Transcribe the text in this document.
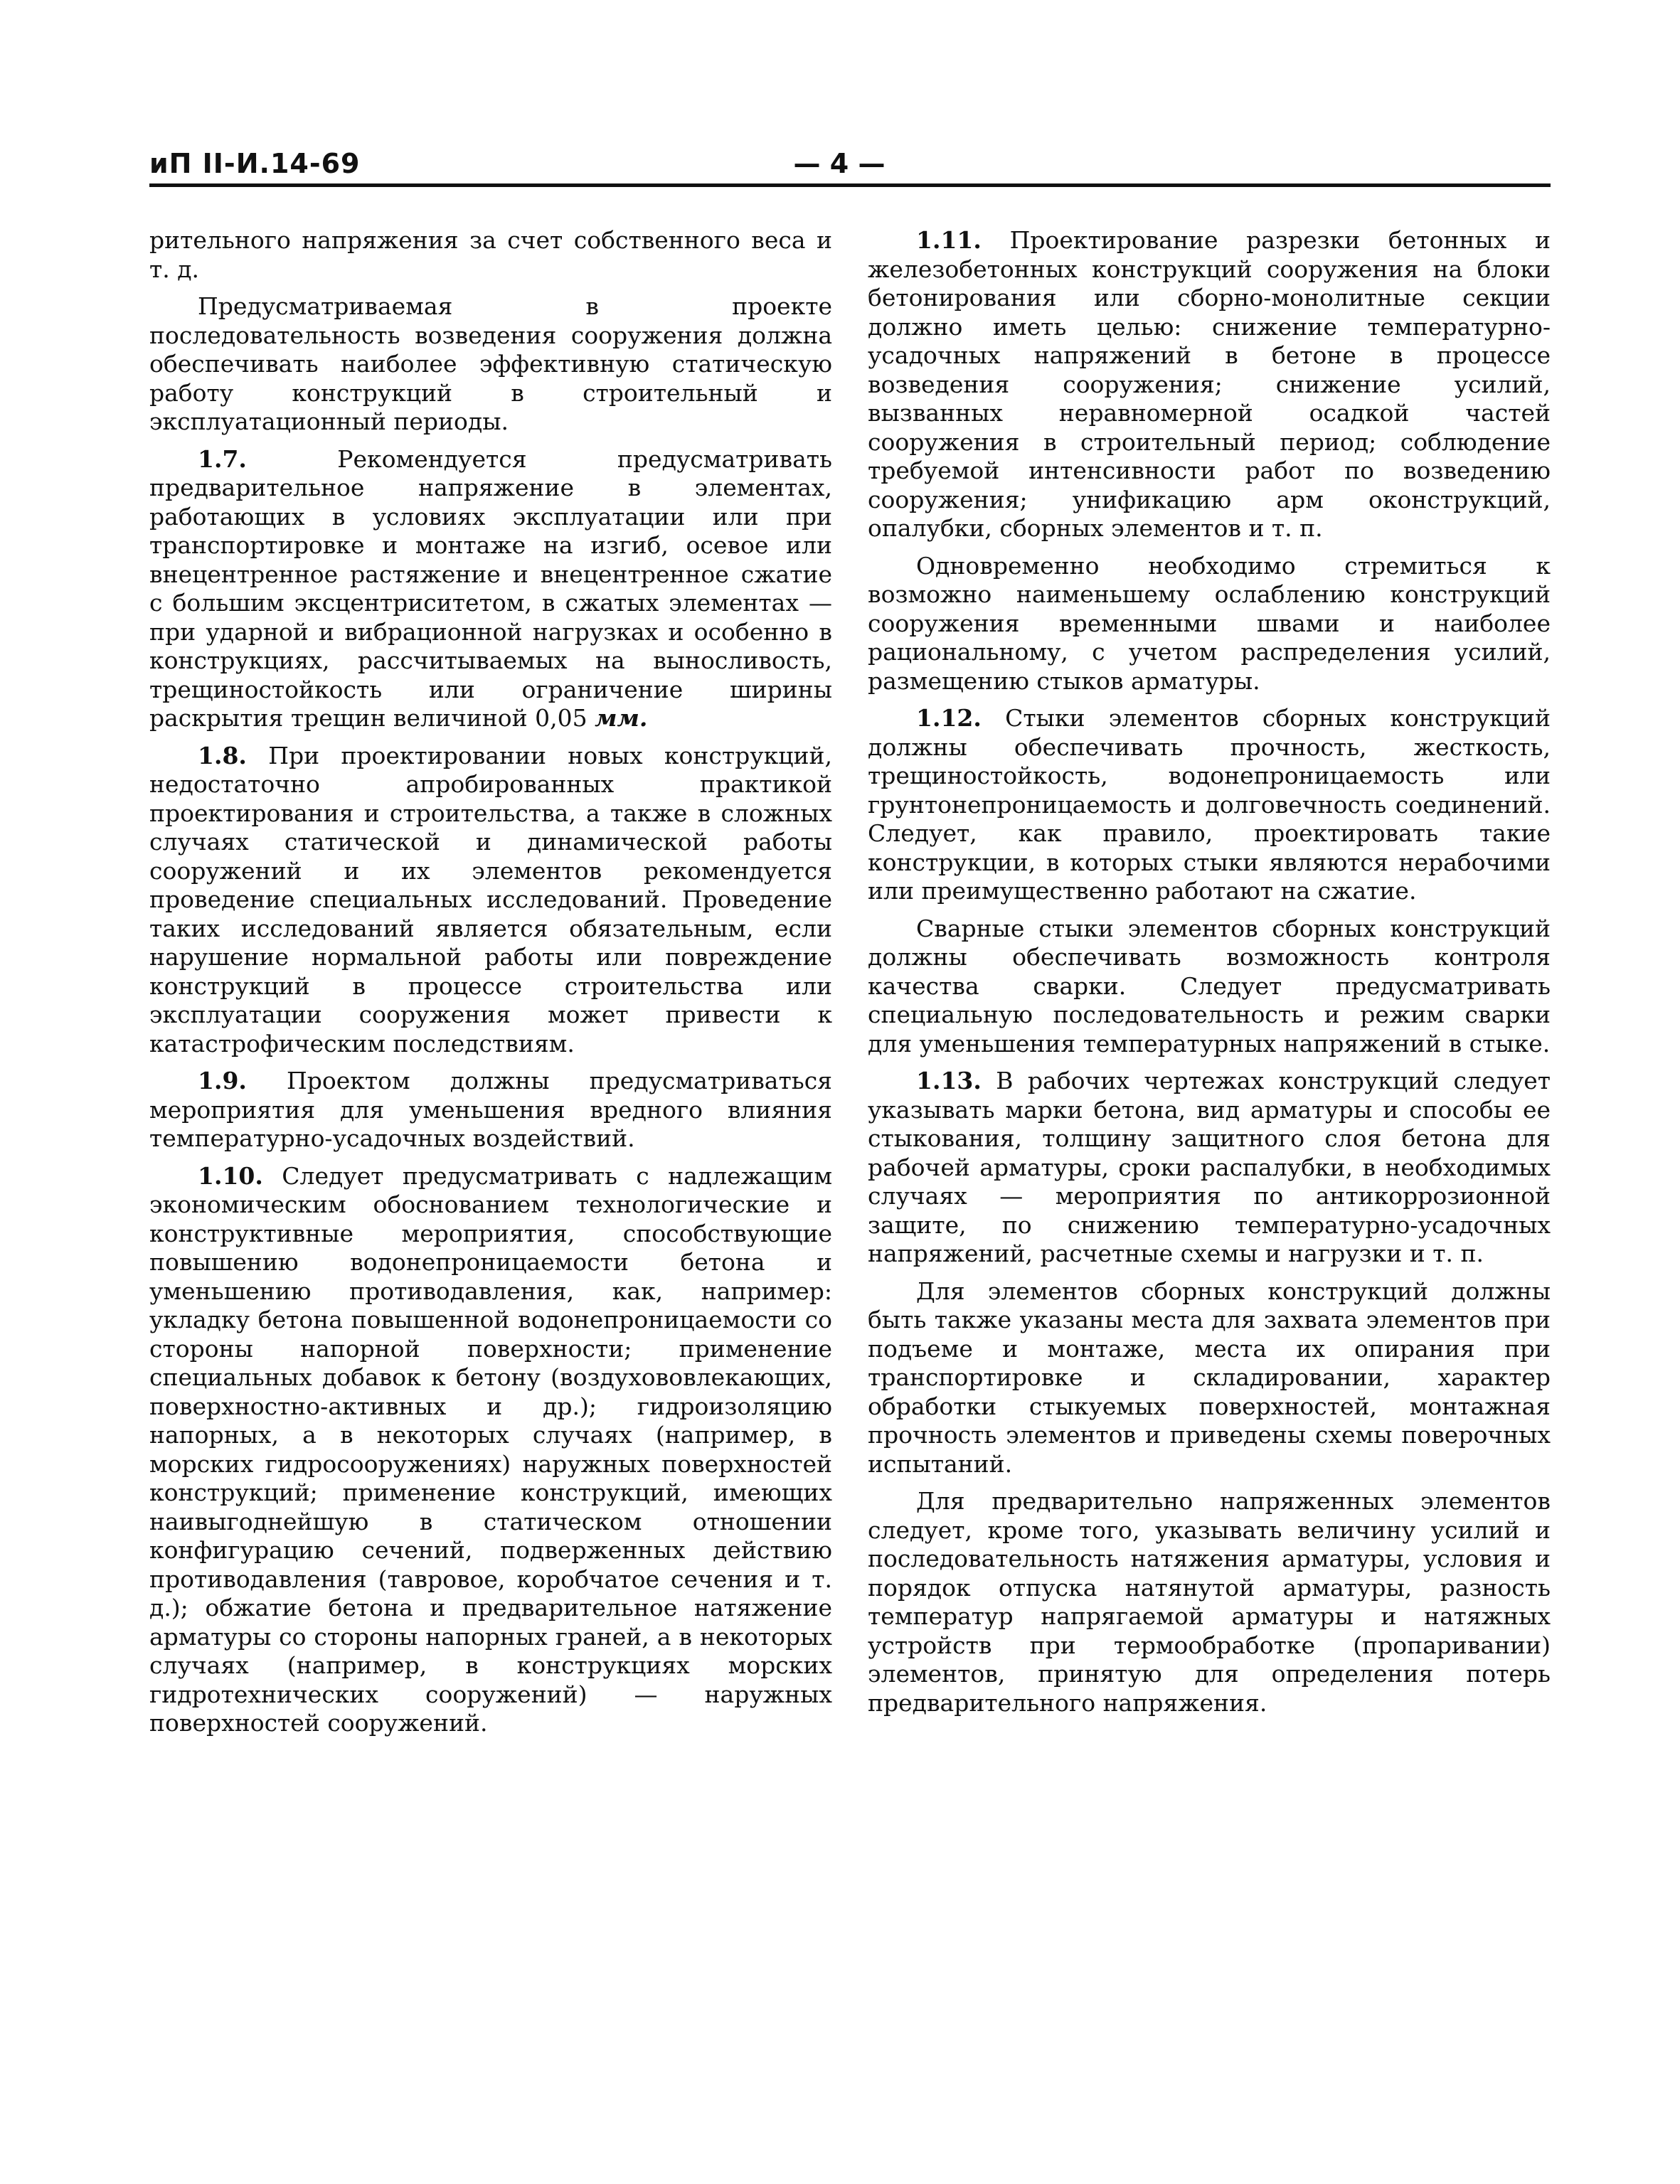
иП II-И.14-69	— 4 —

рительного напряжения за счет собственного веса и т. д.

Предусматриваемая в проекте последовательность возведения сооружения должна обеспечивать наиболее эффективную статическую работу конструкций в строительный и эксплуатационный периоды.

1.7.	Рекомендуется предусматривать предварительное напряжение в элементах, работающих в условиях эксплуатации или при транспортировке и монтаже на изгиб, осевое или внецентренное растяжение и внецентренное сжатие с большим эксцентриситетом, в сжатых элементах — при ударной и вибрационной нагрузках и особенно в конструкциях, рассчитываемых на выносливость, трещиностойкость или ограничение ширины раскрытия трещин величиной 0,05 мм.

1.8. При проектировании новых конструкций, недостаточно апробированных практикой проектирования и строительства, а также в сложных случаях статической и динамической работы сооружений и их элементов рекомендуется проведение специальных исследований. Проведение таких исследований является обязательным, если нарушение нормальной работы или повреждение конструкций в процессе строительства или эксплуатации сооружения может привести к катастрофическим последствиям.

1.9. Проектом должны предусматриваться мероприятия для уменьшения вредного влияния температурно-усадочных воздействий.

1.10. Следует предусматривать с надлежащим экономическим обоснованием технологические и конструктивные мероприятия, способствующие повышению водонепроницаемости бетона и уменьшению противодавления, как, например: укладку бетона повышенной водонепроницаемости со стороны напорной поверхности; применение специальных добавок к бетону (воздухововлекающих, поверхностно-активных и др.); гидроизоляцию напорных, а в некоторых случаях (например, в морских гидросооружениях) наружных поверхностей конструкций; применение конструкций, имеющих наивыгоднейшую в статическом отношении конфигурацию сечений, подверженных действию противодавления (тавровое, коробчатое сечения и т. д.); обжатие бетона и предварительное натяжение арматуры со стороны напорных граней, а в некоторых случаях (например, в конструкциях морских гидротехнических сооружений) — наружных поверхностей сооружений.

1.11. Проектирование разрезки бетонных и железобетонных конструкций сооружения на блоки бетонирования или сборно-монолитные секции должно иметь целью: снижение температурно-усадочных напряжений в бетоне в процессе возведения сооружения; снижение усилий, вызванных неравномерной осадкой частей сооружения в строительный период; соблюдение требуемой интенсивности работ по возведению сооружения; унификацию арм оконструкций, опалубки, сборных элементов и т. п.

Одновременно необходимо стремиться к возможно наименьшему ослаблению конструкций сооружения временными швами и наиболее рациональному, с учетом распределения усилий, размещению стыков арматуры.

1.12. Стыки элементов сборных конструкций должны обеспечивать прочность, жесткость, трещиностойкость, водонепроницаемость или грунтонепроницаемость и долговечность соединений. Следует, как правило, проектировать такие конструкции, в которых стыки являются нерабочими или преимущественно работают на сжатие.

Сварные стыки элементов сборных конструкций должны обеспечивать возможность контроля качества сварки. Следует предусматривать специальную последовательность и режим сварки для уменьшения температурных напряжений в стыке.

1.13. В рабочих чертежах конструкций следует указывать марки бетона, вид арматуры и способы ее стыкования, толщину защитного слоя бетона для рабочей арматуры, сроки распалубки, в необходимых случаях — мероприятия по антикоррозионной защите, по снижению температурно-усадочных напряжений, расчетные схемы и нагрузки и т. п.

Для элементов сборных конструкций должны быть также указаны места для захвата элементов при подъеме и монтаже, места их опирания при транспортировке и складировании, характер обработки стыкуемых поверхностей, монтажная прочность элементов и приведены схемы поверочных испытаний.

Для предварительно напряженных элементов следует, кроме того, указывать величину усилий и последовательность натяжения арматуры, условия и порядок отпуска натянутой арматуры, разность температур напрягаемой арматуры и натяжных устройств при термообработке (пропаривании) элементов, принятую для определения потерь предварительного напряжения.
